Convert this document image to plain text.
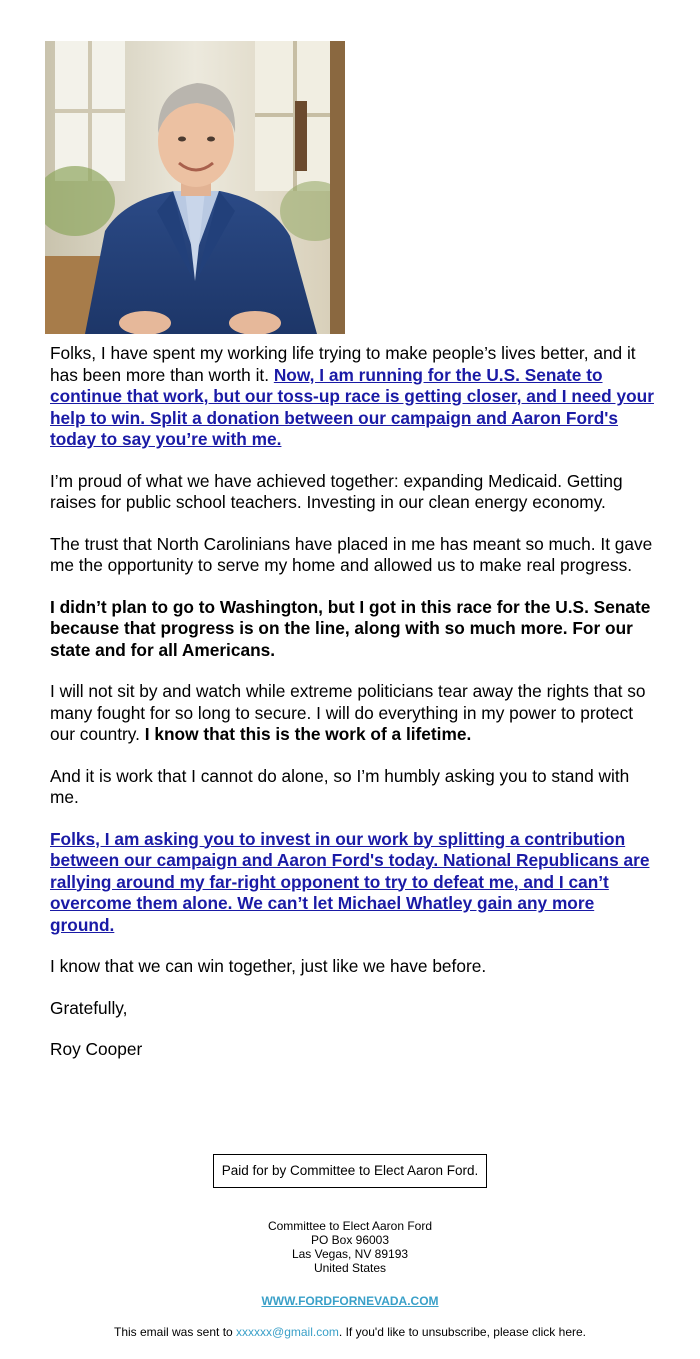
Folks, I have spent my working life trying to make people’s lives better, and it has been more than worth it. Now, I am running for the U.S. Senate to continue that work, but our toss-up race is getting closer, and I need your help to win. Split a donation between our campaign and Aaron Ford's today to say you’re with me.

I’m proud of what we have achieved together: expanding Medicaid. Getting raises for public school teachers. Investing in our clean energy economy.

The trust that North Carolinians have placed in me has meant so much. It gave me the opportunity to serve my home and allowed us to make real progress.

I didn’t plan to go to Washington, but I got in this race for the U.S. Senate because that progress is on the line, along with so much more. For our state and for all Americans.

I will not sit by and watch while extreme politicians tear away the rights that so many fought for so long to secure. I will do everything in my power to protect our country. I know that this is the work of a lifetime.

And it is work that I cannot do alone, so I’m humbly asking you to stand with me.

Folks, I am asking you to invest in our work by splitting a contribution between our campaign and Aaron Ford's today. National Republicans are rallying around my far-right opponent to try to defeat me, and I can’t overcome them alone. We can’t let Michael Whatley gain any more ground.

I know that we can win together, just like we have before.

Gratefully,

Roy Cooper

Paid for by Committee to Elect Aaron Ford.
Committee to Elect Aaron Ford
PO Box 96003
Las Vegas, NV 89193
United States
WWW.FORDFORNEVADA.COM
This email was sent to xxxxxx@gmail.com. If you'd like to unsubscribe, please click here.
